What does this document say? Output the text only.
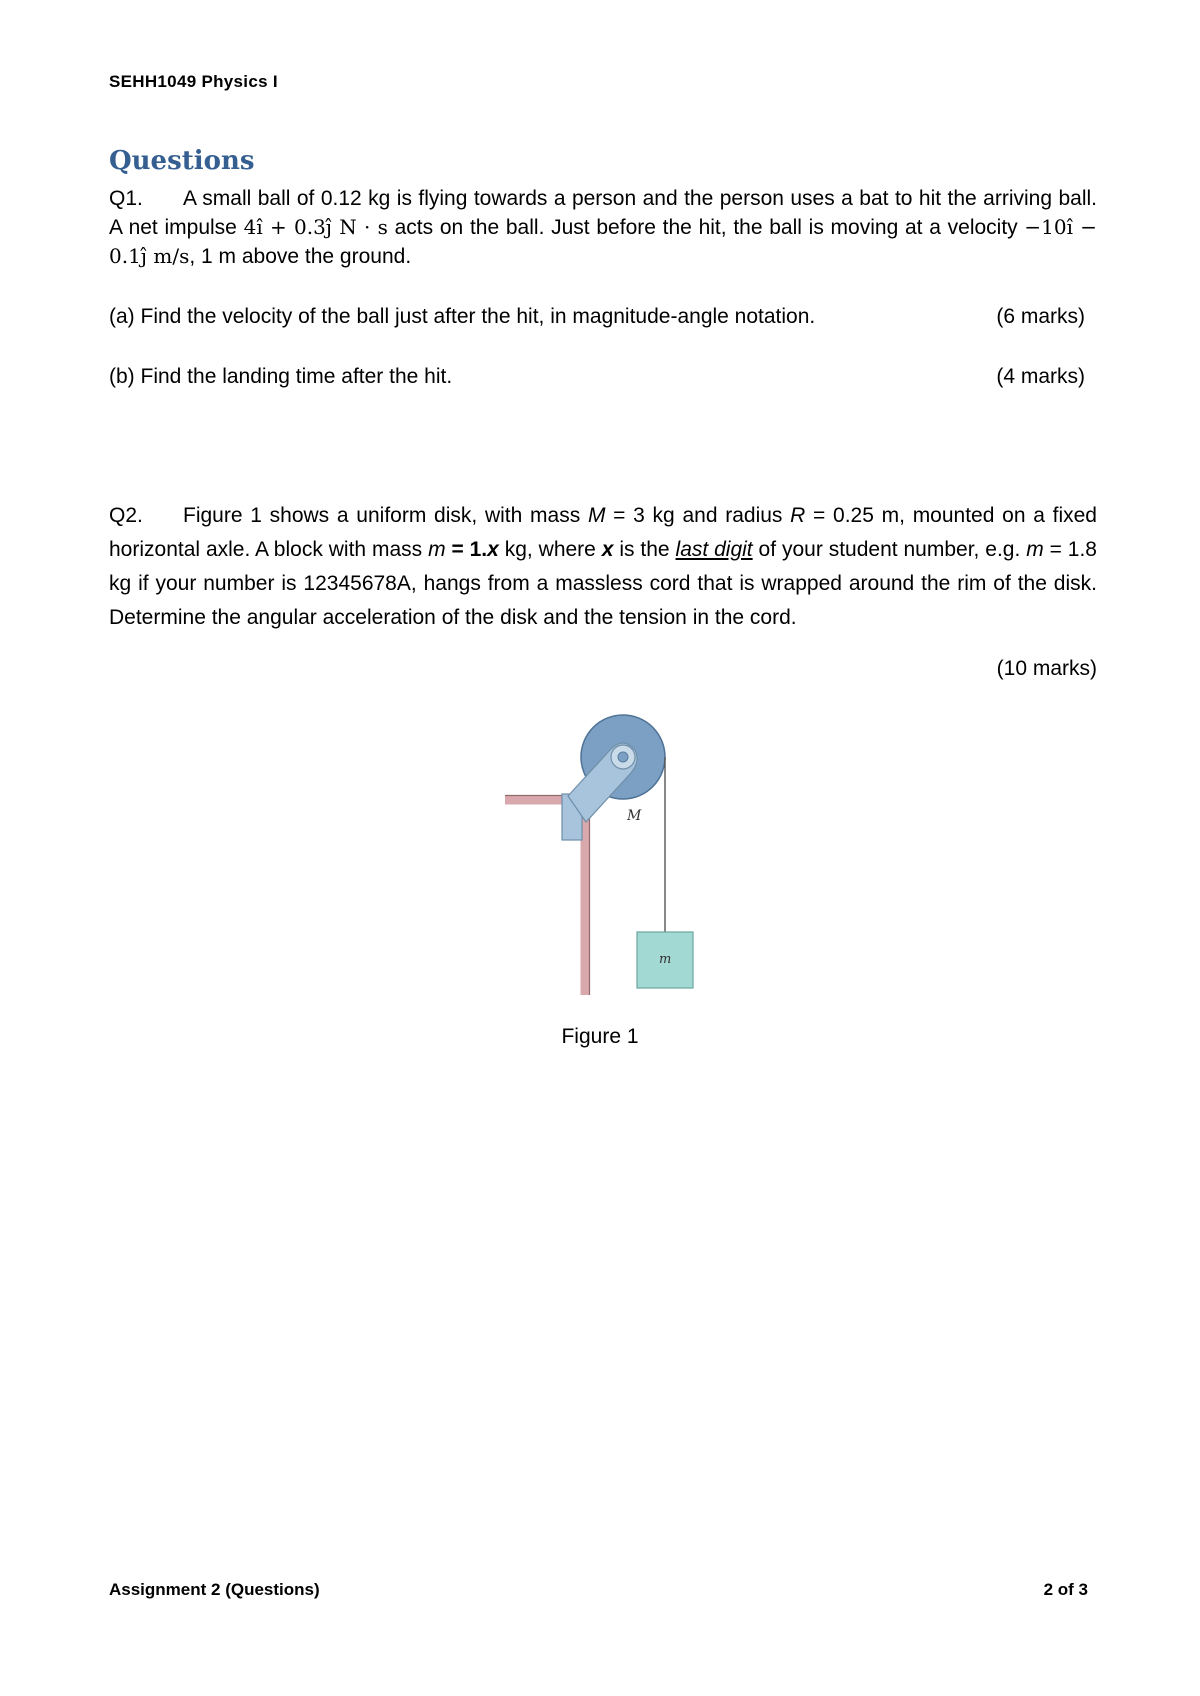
SEHH1049 Physics I
Questions
Q1. A small ball of 0.12 kg is flying towards a person and the person uses a bat to hit the arriving ball. A net impulse 4î + 0.3ĵ N · s acts on the ball. Just before the hit, the ball is moving at a velocity −10î − 0.1ĵ m/s, 1 m above the ground.
(a) Find the velocity of the ball just after the hit, in magnitude-angle notation.	(6 marks)
(b) Find the landing time after the hit.	(4 marks)
Q2. Figure 1 shows a uniform disk, with mass M = 3 kg and radius R = 0.25 m, mounted on a fixed horizontal axle. A block with mass m = 1.x kg, where x is the last digit of your student number, e.g. m = 1.8 kg if your number is 12345678A, hangs from a massless cord that is wrapped around the rim of the disk. Determine the angular acceleration of the disk and the tension in the cord.
(10 marks)
M
m
Figure 1
Assignment 2 (Questions)	2 of 3
